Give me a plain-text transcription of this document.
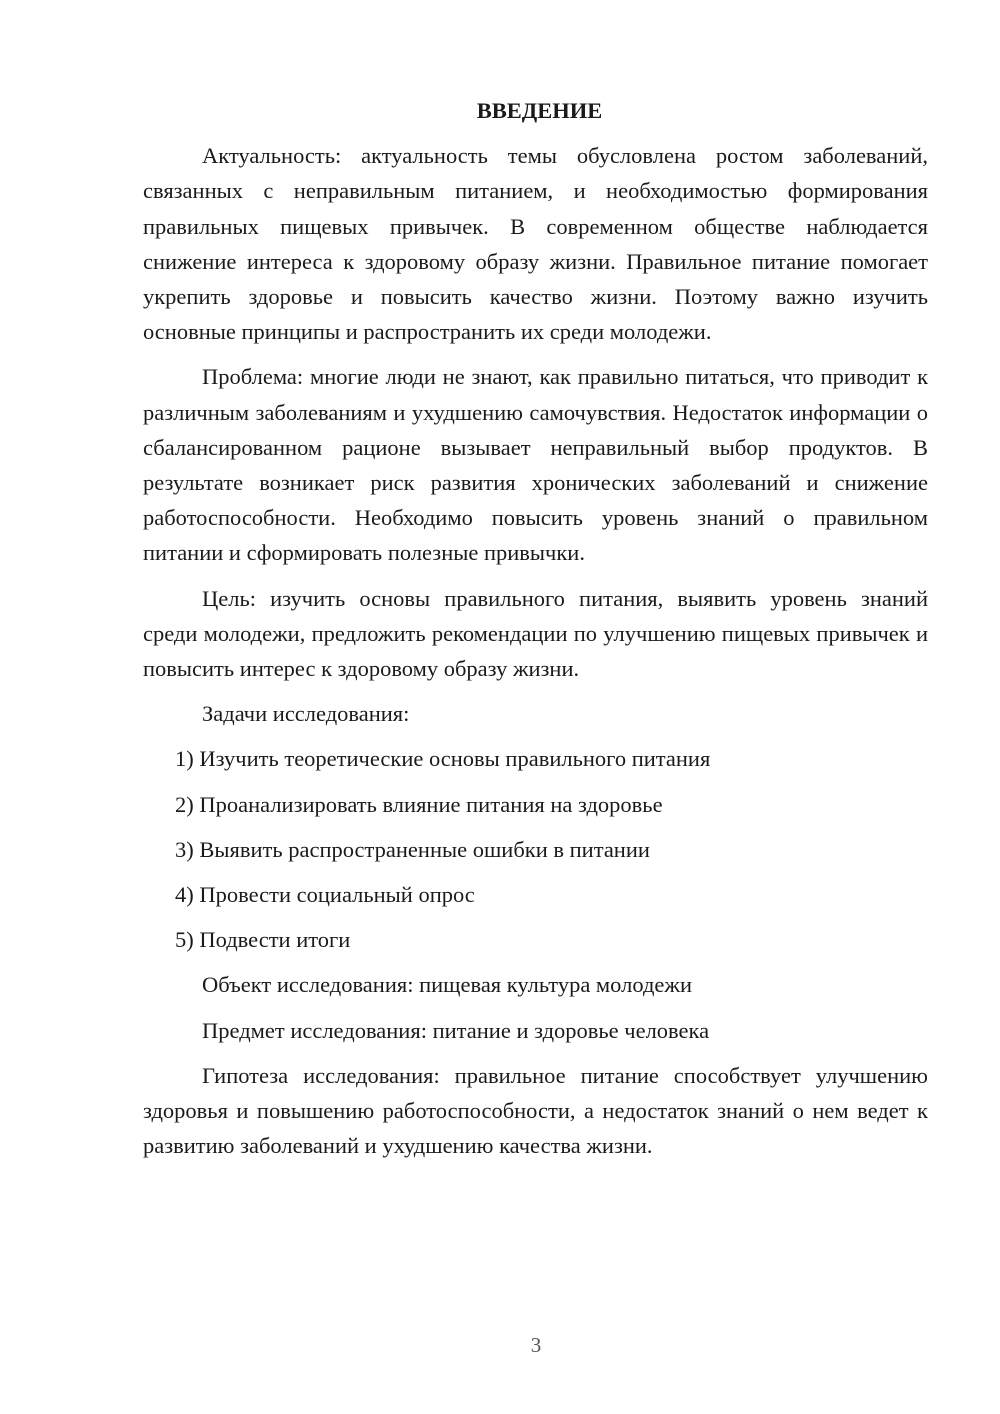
ВВЕДЕНИЕ

Актуальность: актуальность темы обусловлена ростом заболеваний, связанных с неправильным питанием, и необходимостью формирования правильных пищевых привычек. В современном обществе наблюдается снижение интереса к здоровому образу жизни. Правильное питание помогает укрепить здоровье и повысить качество жизни. Поэтому важно изучить основные принципы и распространить их среди молодежи.

Проблема: многие люди не знают, как правильно питаться, что приводит к различным заболеваниям и ухудшению самочувствия. Недостаток информации о сбалансированном рационе вызывает неправильный выбор продуктов. В результате возникает риск развития хронических заболеваний и снижение работоспособности. Необходимо повысить уровень знаний о правильном питании и сформировать полезные привычки.

Цель: изучить основы правильного питания, выявить уровень знаний среди молодежи, предложить рекомендации по улучшению пищевых привычек и повысить интерес к здоровому образу жизни.

Задачи исследования:

1) Изучить теоретические основы правильного питания
2) Проанализировать влияние питания на здоровье
3) Выявить распространенные ошибки в питании
4) Провести социальный опрос
5) Подвести итоги

Объект исследования: пищевая культура молодежи

Предмет исследования: питание и здоровье человека

Гипотеза исследования: правильное питание способствует улучшению здоровья и повышению работоспособности, а недостаток знаний о нем ведет к развитию заболеваний и ухудшению качества жизни.

3
